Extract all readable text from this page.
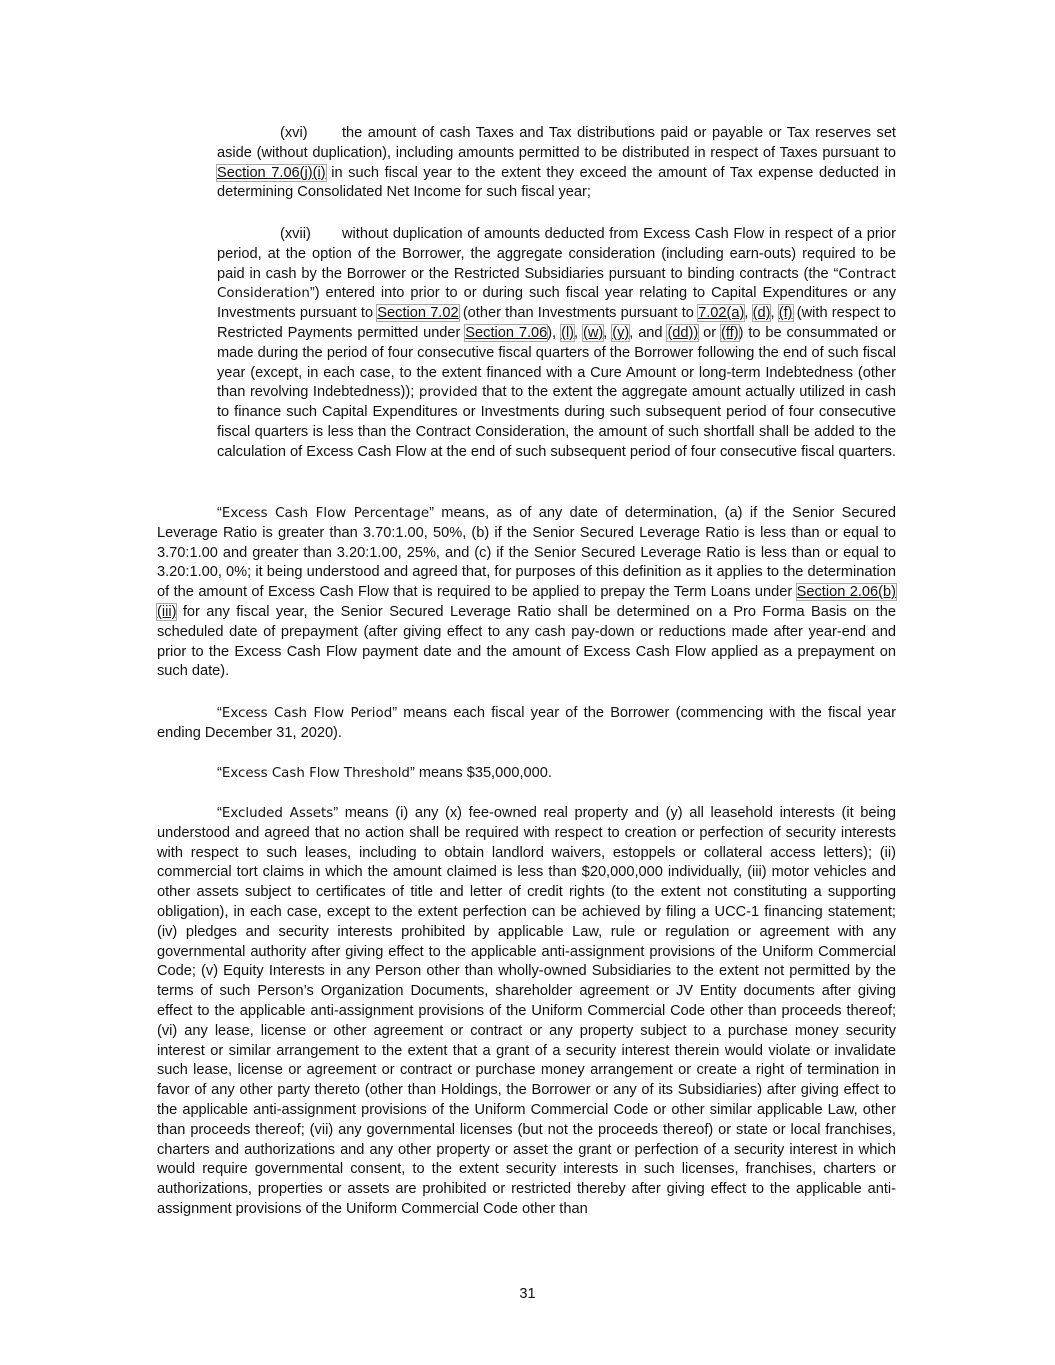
(xvi) the amount of cash Taxes and Tax distributions paid or payable or Tax reserves set aside (without duplication), including amounts permitted to be distributed in respect of Taxes pursuant to Section 7.06(j)(i) in such fiscal year to the extent they exceed the amount of Tax expense deducted in determining Consolidated Net Income for such fiscal year;

(xvii) without duplication of amounts deducted from Excess Cash Flow in respect of a prior period, at the option of the Borrower, the aggregate consideration (including earn-outs) required to be paid in cash by the Borrower or the Restricted Subsidiaries pursuant to binding contracts (the “Contract Consideration”) entered into prior to or during such fiscal year relating to Capital Expenditures or any Investments pursuant to Section 7.02 (other than Investments pursuant to 7.02(a), (d), (f) (with respect to Restricted Payments permitted under Section 7.06), (l), (w), (y), and (dd)) or (ff)) to be consummated or made during the period of four consecutive fiscal quarters of the Borrower following the end of such fiscal year (except, in each case, to the extent financed with a Cure Amount or long-term Indebtedness (other than revolving Indebtedness)); provided that to the extent the aggregate amount actually utilized in cash to finance such Capital Expenditures or Investments during such subsequent period of four consecutive fiscal quarters is less than the Contract Consideration, the amount of such shortfall shall be added to the calculation of Excess Cash Flow at the end of such subsequent period of four consecutive fiscal quarters.

“Excess Cash Flow Percentage” means, as of any date of determination, (a) if the Senior Secured Leverage Ratio is greater than 3.70:1.00, 50%, (b) if the Senior Secured Leverage Ratio is less than or equal to 3.70:1.00 and greater than 3.20:1.00, 25%, and (c) if the Senior Secured Leverage Ratio is less than or equal to 3.20:1.00, 0%; it being understood and agreed that, for purposes of this definition as it applies to the determination of the amount of Excess Cash Flow that is required to be applied to prepay the Term Loans under Section 2.06(b)(iii) for any fiscal year, the Senior Secured Leverage Ratio shall be determined on a Pro Forma Basis on the scheduled date of prepayment (after giving effect to any cash pay-down or reductions made after year-end and prior to the Excess Cash Flow payment date and the amount of Excess Cash Flow applied as a prepayment on such date).

“Excess Cash Flow Period” means each fiscal year of the Borrower (commencing with the fiscal year ending December 31, 2020).

“Excess Cash Flow Threshold” means $35,000,000.

“Excluded Assets” means (i) any (x) fee-owned real property and (y) all leasehold interests (it being understood and agreed that no action shall be required with respect to creation or perfection of security interests with respect to such leases, including to obtain landlord waivers, estoppels or collateral access letters); (ii) commercial tort claims in which the amount claimed is less than $20,000,000 individually, (iii) motor vehicles and other assets subject to certificates of title and letter of credit rights (to the extent not constituting a supporting obligation), in each case, except to the extent perfection can be achieved by filing a UCC-1 financing statement; (iv) pledges and security interests prohibited by applicable Law, rule or regulation or agreement with any governmental authority after giving effect to the applicable anti-assignment provisions of the Uniform Commercial Code; (v) Equity Interests in any Person other than wholly-owned Subsidiaries to the extent not permitted by the terms of such Person’s Organization Documents, shareholder agreement or JV Entity documents after giving effect to the applicable anti-assignment provisions of the Uniform Commercial Code other than proceeds thereof; (vi) any lease, license or other agreement or contract or any property subject to a purchase money security interest or similar arrangement to the extent that a grant of a security interest therein would violate or invalidate such lease, license or agreement or contract or purchase money arrangement or create a right of termination in favor of any other party thereto (other than Holdings, the Borrower or any of its Subsidiaries) after giving effect to the applicable anti-assignment provisions of the Uniform Commercial Code or other similar applicable Law, other than proceeds thereof; (vii) any governmental licenses (but not the proceeds thereof) or state or local franchises, charters and authorizations and any other property or asset the grant or perfection of a security interest in which would require governmental consent, to the extent security interests in such licenses, franchises, charters or authorizations, properties or assets are prohibited or restricted thereby after giving effect to the applicable anti-assignment provisions of the Uniform Commercial Code other than

31
